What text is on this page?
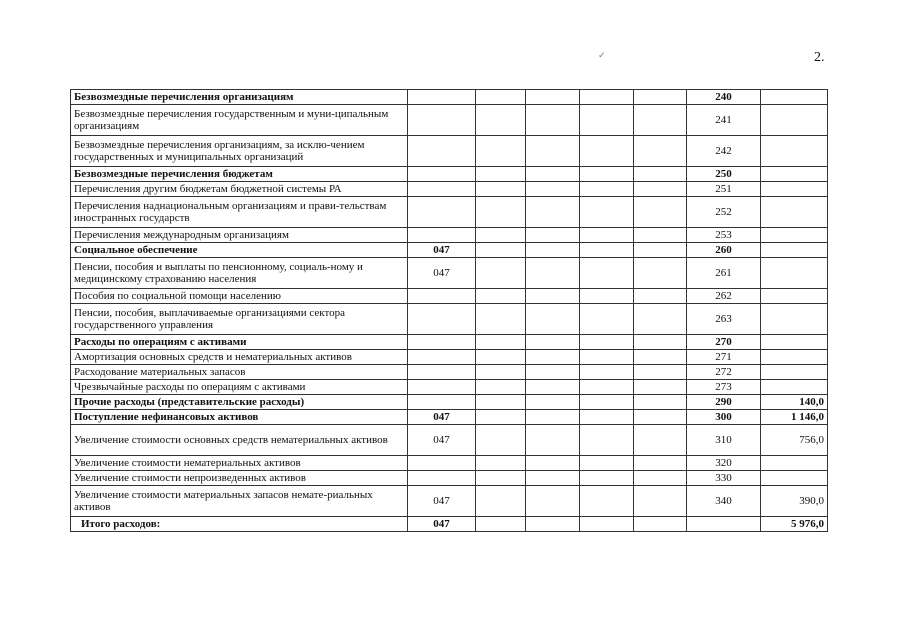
2.
✓
Безвозмездные перечисления организациям						240	
Безвозмездные перечисления государственным и муни-ципальным организациям						241	
Безвозмездные перечисления организациям, за исклю-чением государственных и муниципальных организаций						242	
Безвозмездные перечисления бюджетам						250	
Перечисления другим бюджетам бюджетной системы РА						251	
Перечисления наднациональным организациям и прави-тельствам иностранных государств						252	
Перечисления международным организациям						253	
Социальное обеспечение	047					260	
Пенсии, пособия и выплаты по пенсионному, социаль-ному и медицинскому страхованию населения	047					261	
Пособия по социальной помощи населению						262	
Пенсии, пособия, выплачиваемые организациями сектора государственного управления						263	
Расходы по операциям с активами						270	
Амортизация основных средств и нематериальных активов						271	
Расходование материальных запасов						272	
Чрезвычайные расходы по операциям с активами						273	
Прочие расходы (представительские расходы)						290	140,0
Поступление нефинансовых активов	047					300	1 146,0
Увеличение стоимости основных средств нематериальных активов	047					310	756,0
Увеличение стоимости нематериальных активов						320	
Увеличение стоимости непроизведенных активов						330	
Увеличение стоимости материальных запасов немате-риальных активов	047					340	390,0
Итого расходов:	047						5 976,0
